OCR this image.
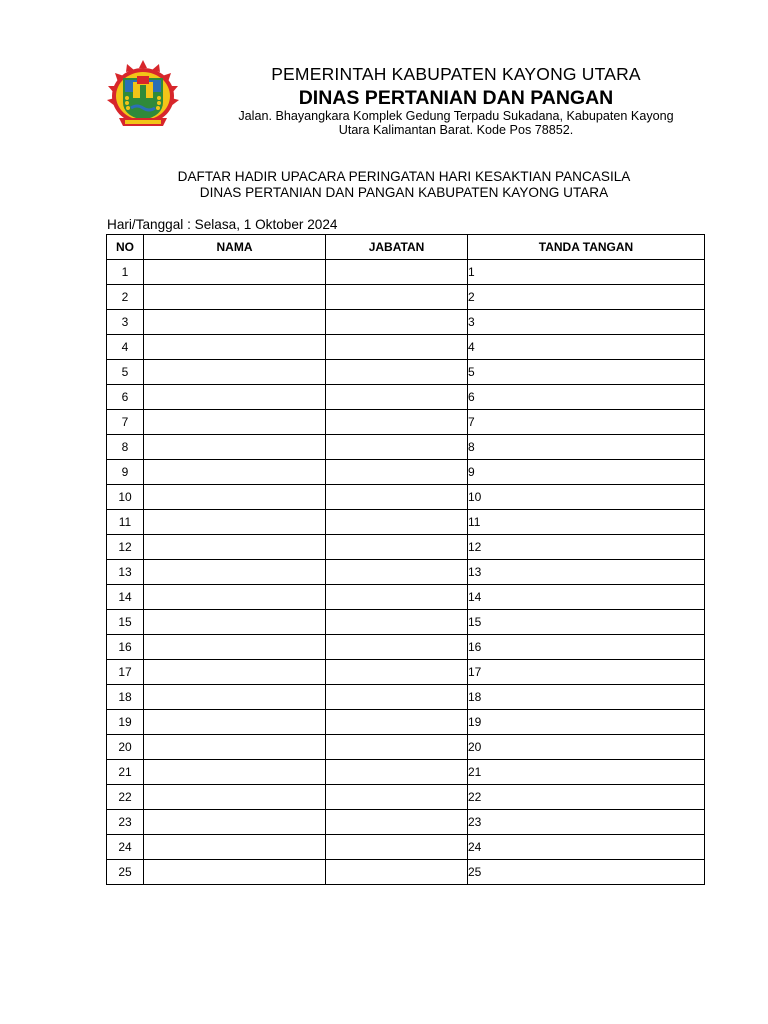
PEMERINTAH KABUPATEN KAYONG UTARA
DINAS PERTANIAN DAN PANGAN
Jalan. Bhayangkara Komplek Gedung Terpadu Sukadana, Kabupaten Kayong
Utara Kalimantan Barat. Kode Pos 78852.
DAFTAR HADIR UPACARA PERINGATAN HARI KESAKTIAN PANCASILA
DINAS PERTANIAN DAN PANGAN KABUPATEN KAYONG UTARA
Hari/Tanggal : Selasa, 1 Oktober 2024
NO	NAMA	JABATAN	TANDA TANGAN
1			1
2			2
3			3
4			4
5			5
6			6
7			7
8			8
9			9
10			10
11			11
12			12
13			13
14			14
15			15
16			16
17			17
18			18
19			19
20			20
21			21
22			22
23			23
24			24
25			25
